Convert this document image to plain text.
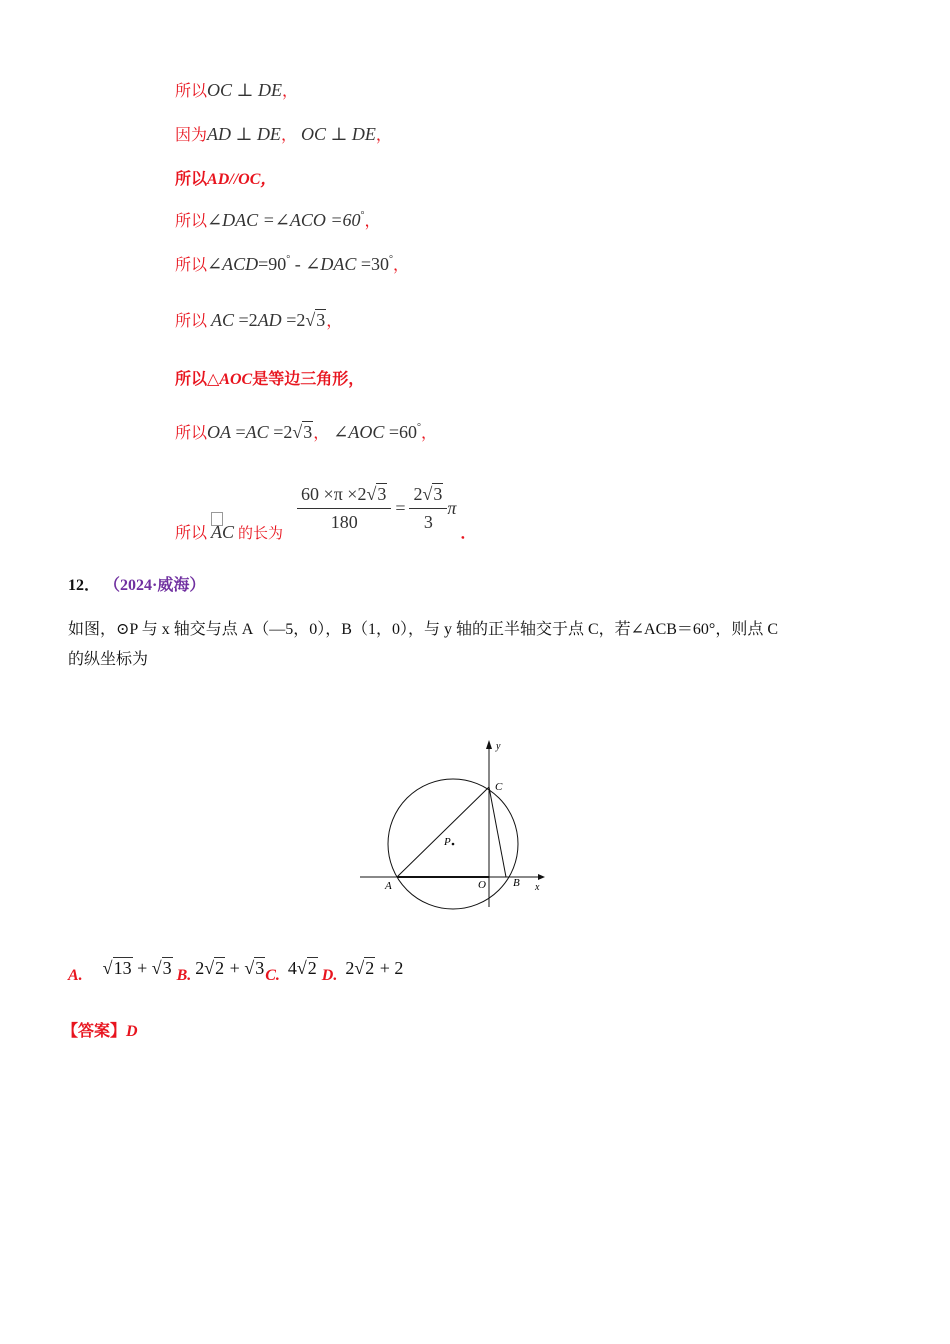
所以OC ⊥ DE，
因为AD ⊥ DE， OC ⊥ DE，
所以AD//OC，
所以∠DAC =∠ACO =60°，
所以∠ACD=90° - ∠DAC =30°，
所以 AC =2AD =2√3，
所以△AOC是等边三角形，
所以OA =AC =2√3， ∠AOC =60°，
所以 AC 的长为
$\frac{60 \times\pi \times 2√3}{180} = \frac{2√3}{3}$ π ．
12． （2024·威海）
如图，⊙P 与 x 轴交与点 A（—5，0），B（1，0），与 y 轴的正半轴交于点 C，若∠ACB＝60°，则点 C
的纵坐标为
y
x
C
P
A	O B
A. √13 + √3 B. 2√2 + √3C. 4√2 D. 2√2 + 2
【答案】D
